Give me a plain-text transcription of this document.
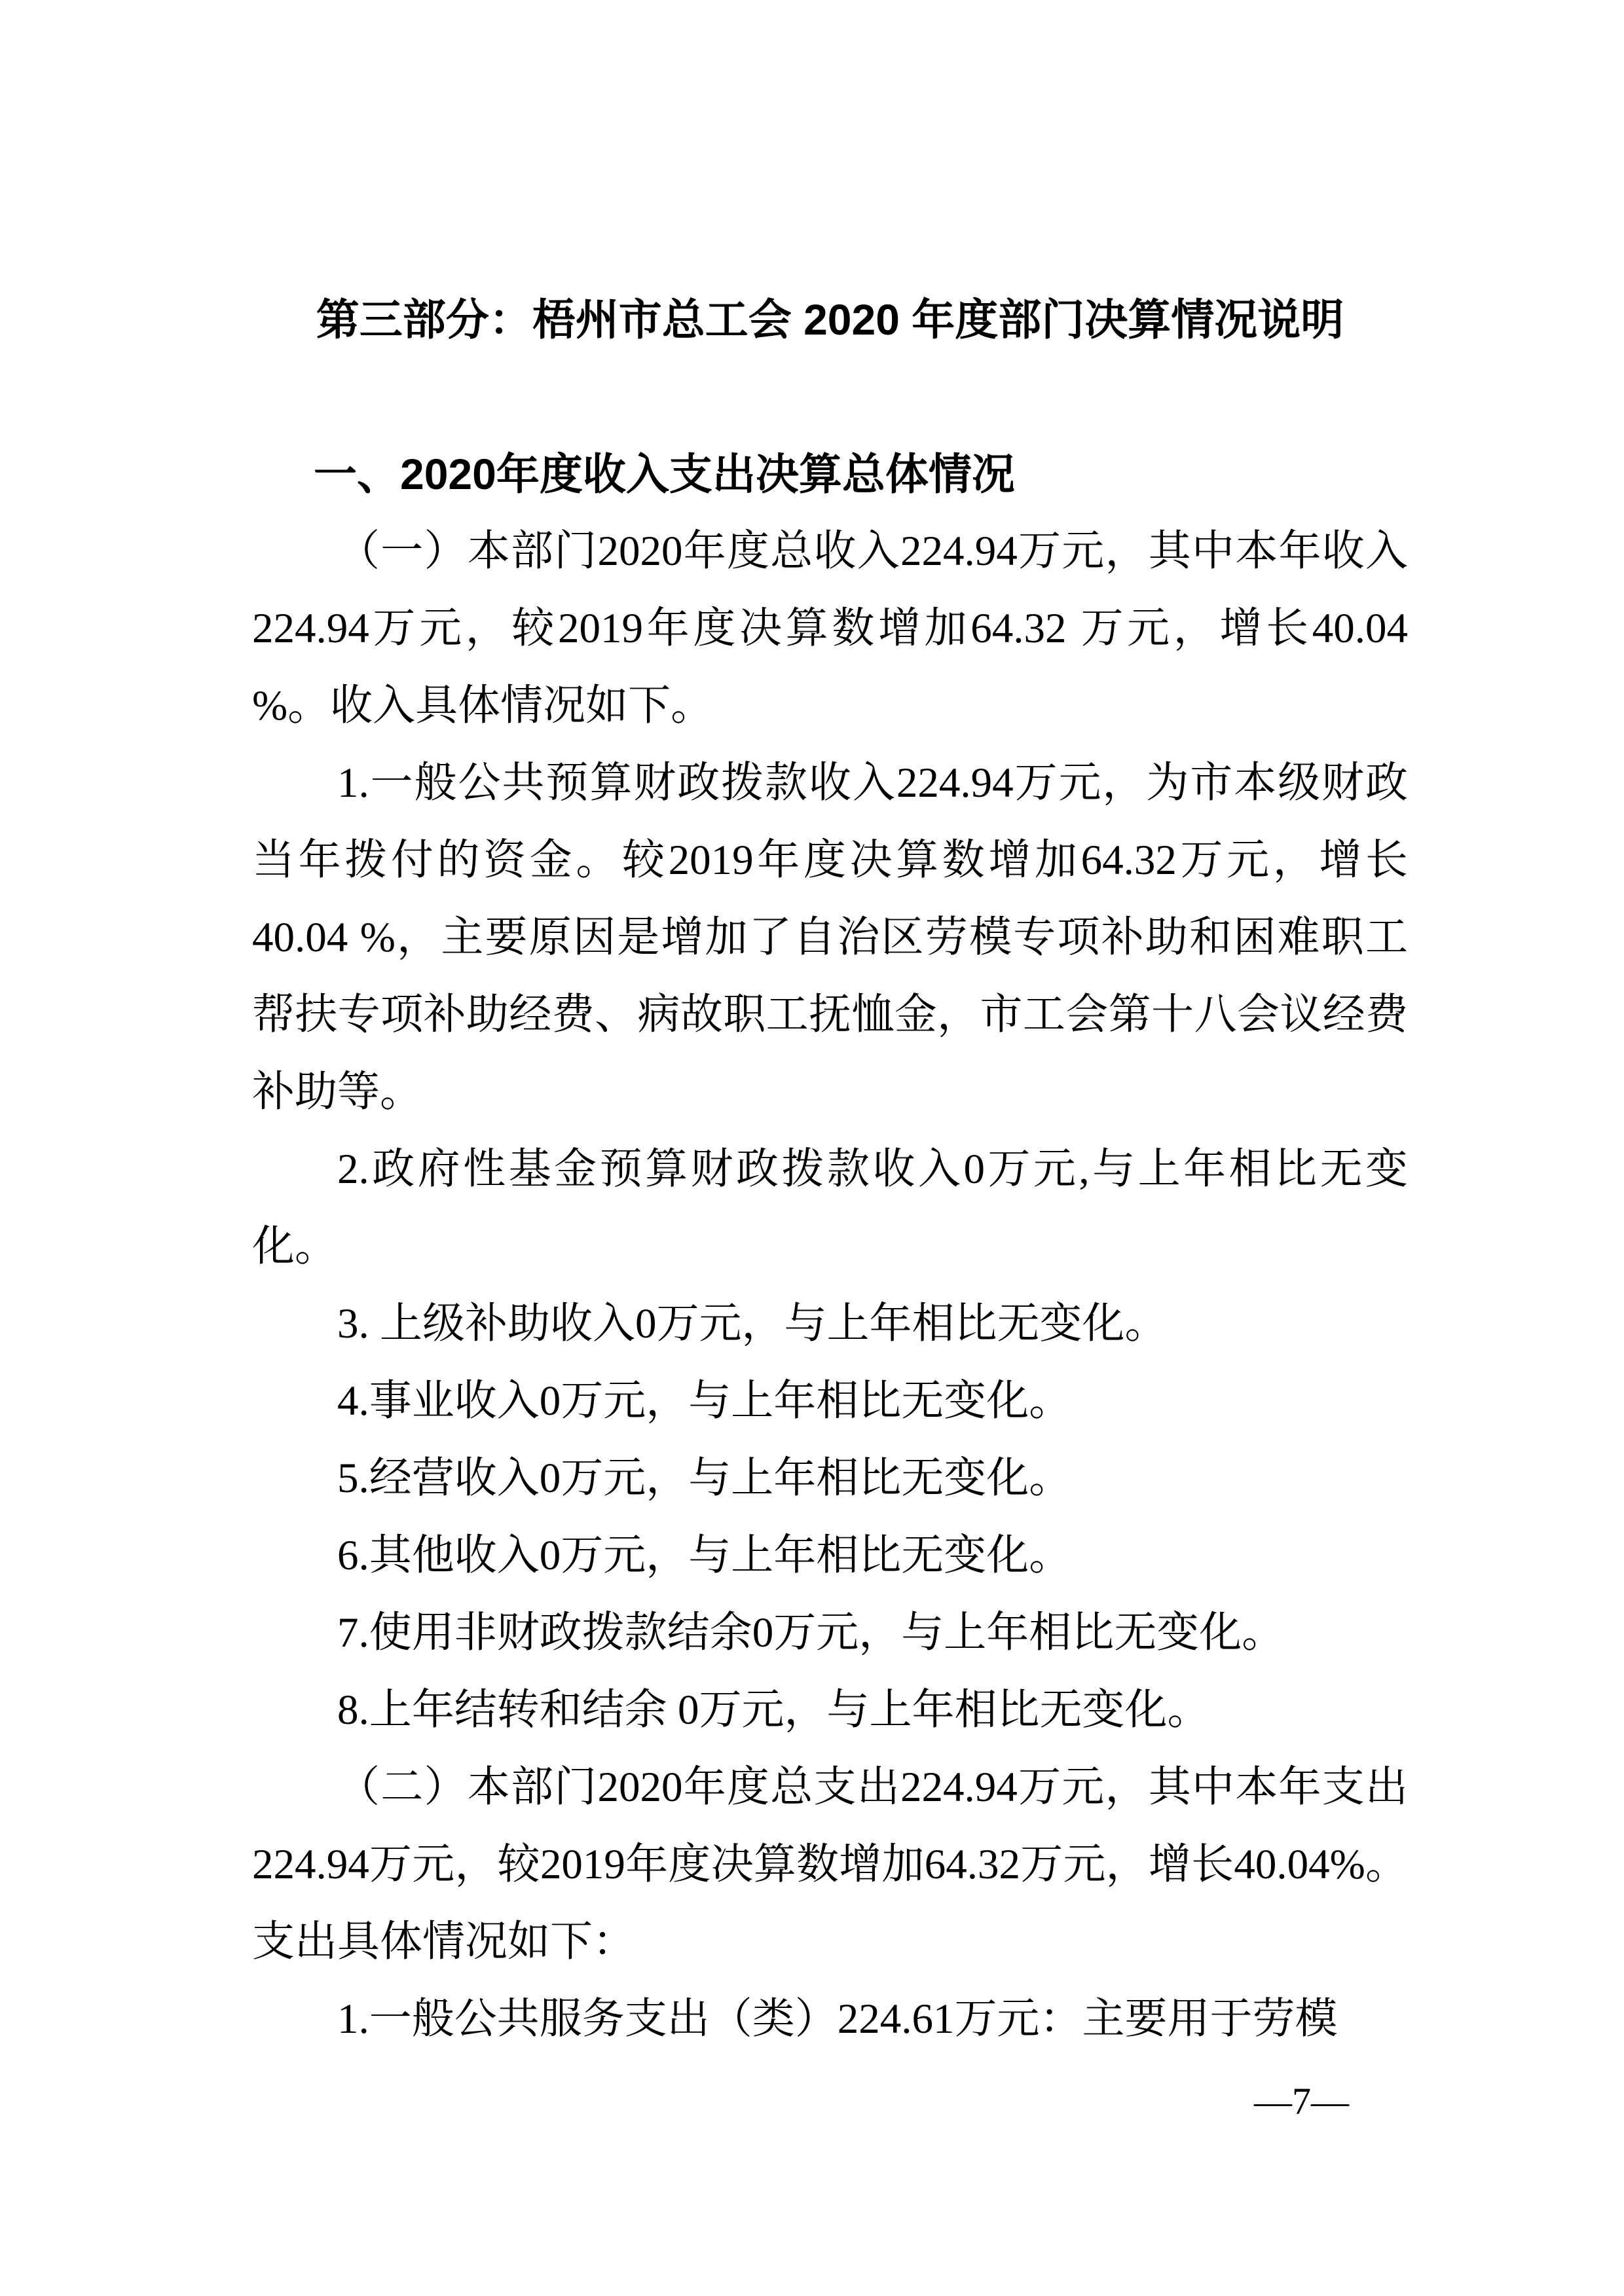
第三部分：梧州市总工会 2020 年度部门决算情况说明
一、2020年度收入支出决算总体情况

（一）本部门2020年度总收入224.94万元，其中本年收入224.94万元，较2019年度决算数增加64.32 万元，增长40.04 %。收入具体情况如下。

1.一般公共预算财政拨款收入224.94万元，为市本级财政当年拨付的资金。较2019年度决算数增加64.32万元，增长40.04 %，主要原因是增加了自治区劳模专项补助和困难职工帮扶专项补助经费、病故职工抚恤金，市工会第十八会议经费补助等。

2.政府性基金预算财政拨款收入0万元,与上年相比无变化。

3. 上级补助收入0万元，与上年相比无变化。

4.事业收入0万元，与上年相比无变化。

5.经营收入0万元，与上年相比无变化。

6.其他收入0万元，与上年相比无变化。

7.使用非财政拨款结余0万元，与上年相比无变化。

8.上年结转和结余 0万元，与上年相比无变化。

（二）本部门2020年度总支出224.94万元，其中本年支出224.94万元，较2019年度决算数增加64.32万元，增长40.04%。支出具体情况如下：

1.一般公共服务支出（类）224.61万元：主要用于劳模

—7—
